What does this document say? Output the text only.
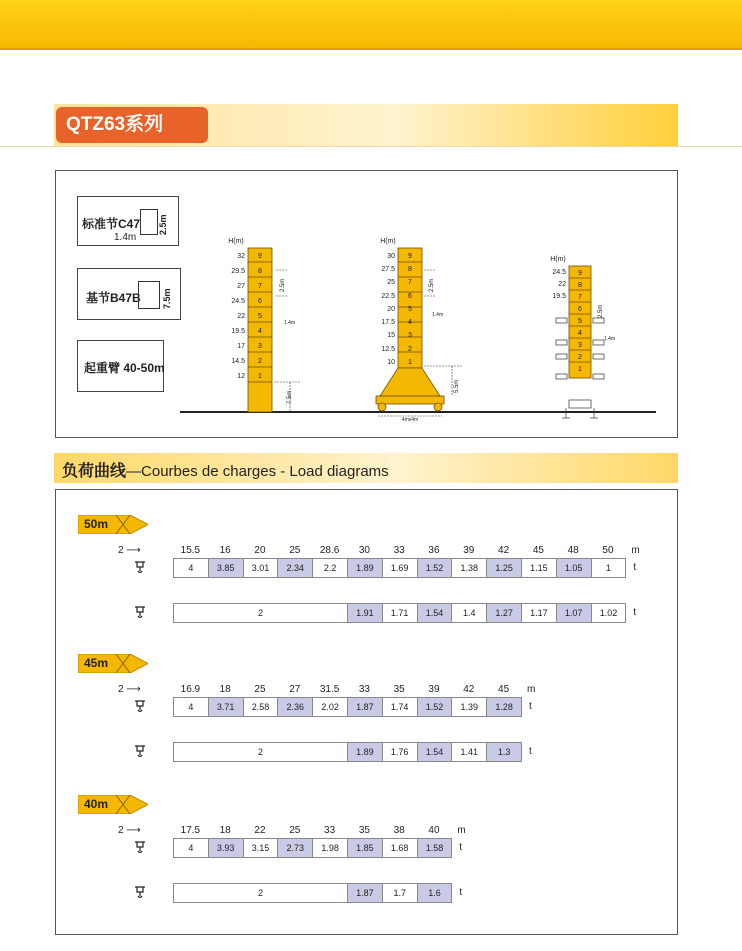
QTZ63系列
标准节C47 2.5m
1.4m
基节B47B 7.5m
起重臂 40-50m
H(m)
32
29.5
27
24.5
22
19.5
17
14.5
12
9
8
7
6
5
4
3
2
1
2.5m
1.4m
7.5m
H(m)
30
27.5
25
22.5
20
17.5
15
12.5
10
9
8
7
6
5
4
3
2
1
2.5m
1.4m
5.5m
4mx4m
H(m)
24.5
22
19.5
9
8
7
6
5
4
3
2
1
2.5m
1.4m
负荷曲线—Courbes de charges - Load diagrams
50m
2 ⟶	15.5	16	20	25	28.6	30	33	36	39	42	45	48	50	m
4	3.85	3.01	2.34	2.2	1.89	1.69	1.52	1.38	1.25	1.15	1.05	1	t
2	1.91	1.71	1.54	1.4	1.27	1.17	1.07	1.02	t
45m
2 ⟶	16.9	18	25	27	31.5	33	35	39	42	45	m
4	3.71	2.58	2.36	2.02	1.87	1.74	1.52	1.39	1.28	t
2	1.89	1.76	1.54	1.41	1.3	t
40m
2 ⟶	17.5	18	22	25	33	35	38	40	m
4	3.93	3.15	2.73	1.98	1.85	1.68	1.58	t
2	1.87	1.7	1.6	t
